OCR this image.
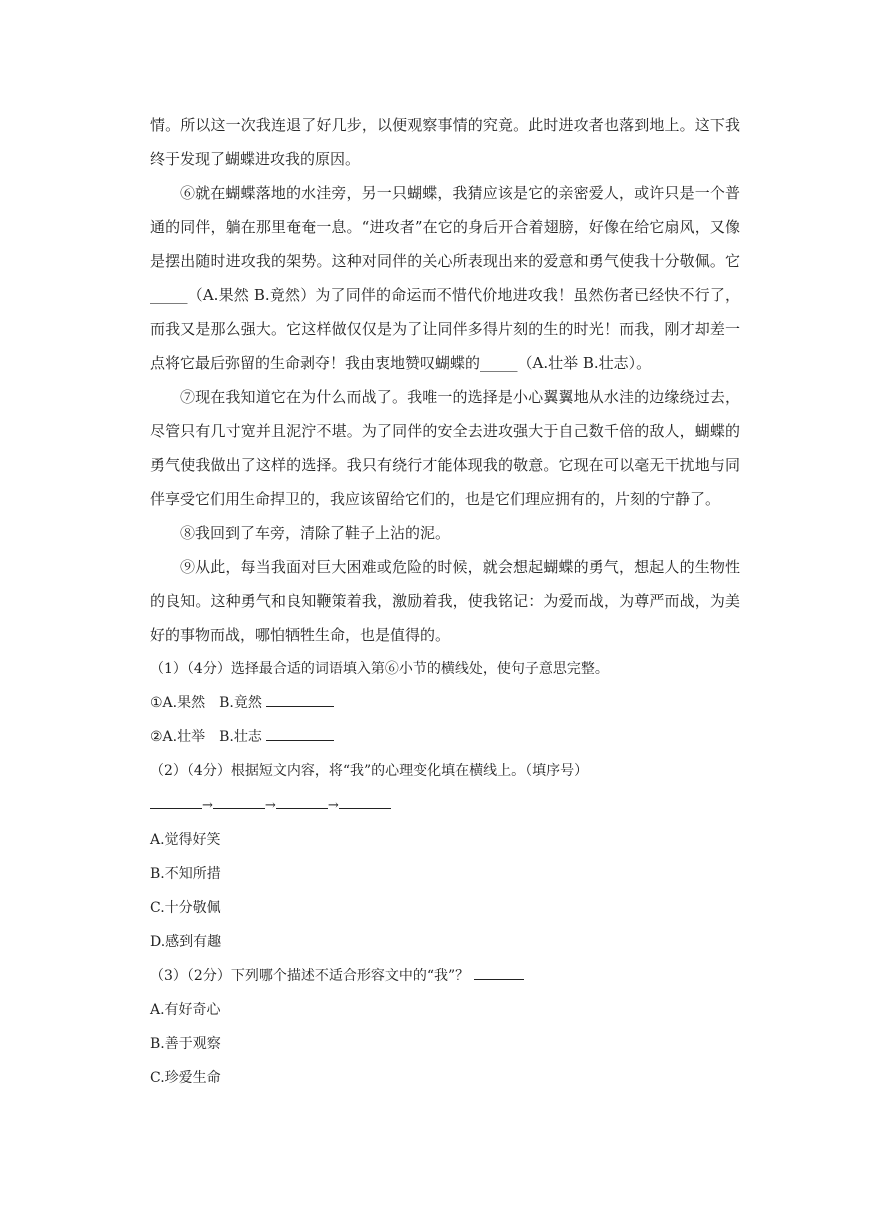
情。所以这一次我连退了好几步，以便观察事情的究竟。此时进攻者也落到地上。这下我终于发现了蝴蝶进攻我的原因。

⑥就在蝴蝶落地的水洼旁，另一只蝴蝶，我猜应该是它的亲密爱人，或许只是一个普通的同伴，躺在那里奄奄一息。“进攻者”在它的身后开合着翅膀，好像在给它扇风，又像是摆出随时进攻我的架势。这种对同伴的关心所表现出来的爱意和勇气使我十分敬佩。它_____（A.果然 B.竟然）为了同伴的命运而不惜代价地进攻我！虽然伤者已经快不行了，而我又是那么强大。它这样做仅仅是为了让同伴多得片刻的生的时光！而我，刚才却差一点将它最后弥留的生命剥夺！我由衷地赞叹蝴蝶的_____（A.壮举 B.壮志）。

⑦现在我知道它在为什么而战了。我唯一的选择是小心翼翼地从水洼的边缘绕过去，尽管只有几寸宽并且泥泞不堪。为了同伴的安全去进攻强大于自己数千倍的敌人，蝴蝶的勇气使我做出了这样的选择。我只有绕行才能体现我的敬意。它现在可以毫无干扰地与同伴享受它们用生命捍卫的，我应该留给它们的，也是它们理应拥有的，片刻的宁静了。

⑧我回到了车旁，清除了鞋子上沾的泥。

⑨从此，每当我面对巨大困难或危险的时候，就会想起蝴蝶的勇气，想起人的生物性的良知。这种勇气和良知鞭策着我，激励着我，使我铭记：为爱而战，为尊严而战，为美好的事物而战，哪怕牺牲生命，也是值得的。

（1）（4分）选择最合适的词语填入第⑥小节的横线处，使句子意思完整。

①A.果然　B.竟然

②A.壮举　B.壮志

（2）（4分）根据短文内容，将“我”的心理变化填在横线上。（填序号）

→	→	→

A.觉得好笑

B.不知所措

C.十分敬佩

D.感到有趣

（3）（2分）下列哪个描述不适合形容文中的“我”？

A.有好奇心

B.善于观察

C.珍爱生命
